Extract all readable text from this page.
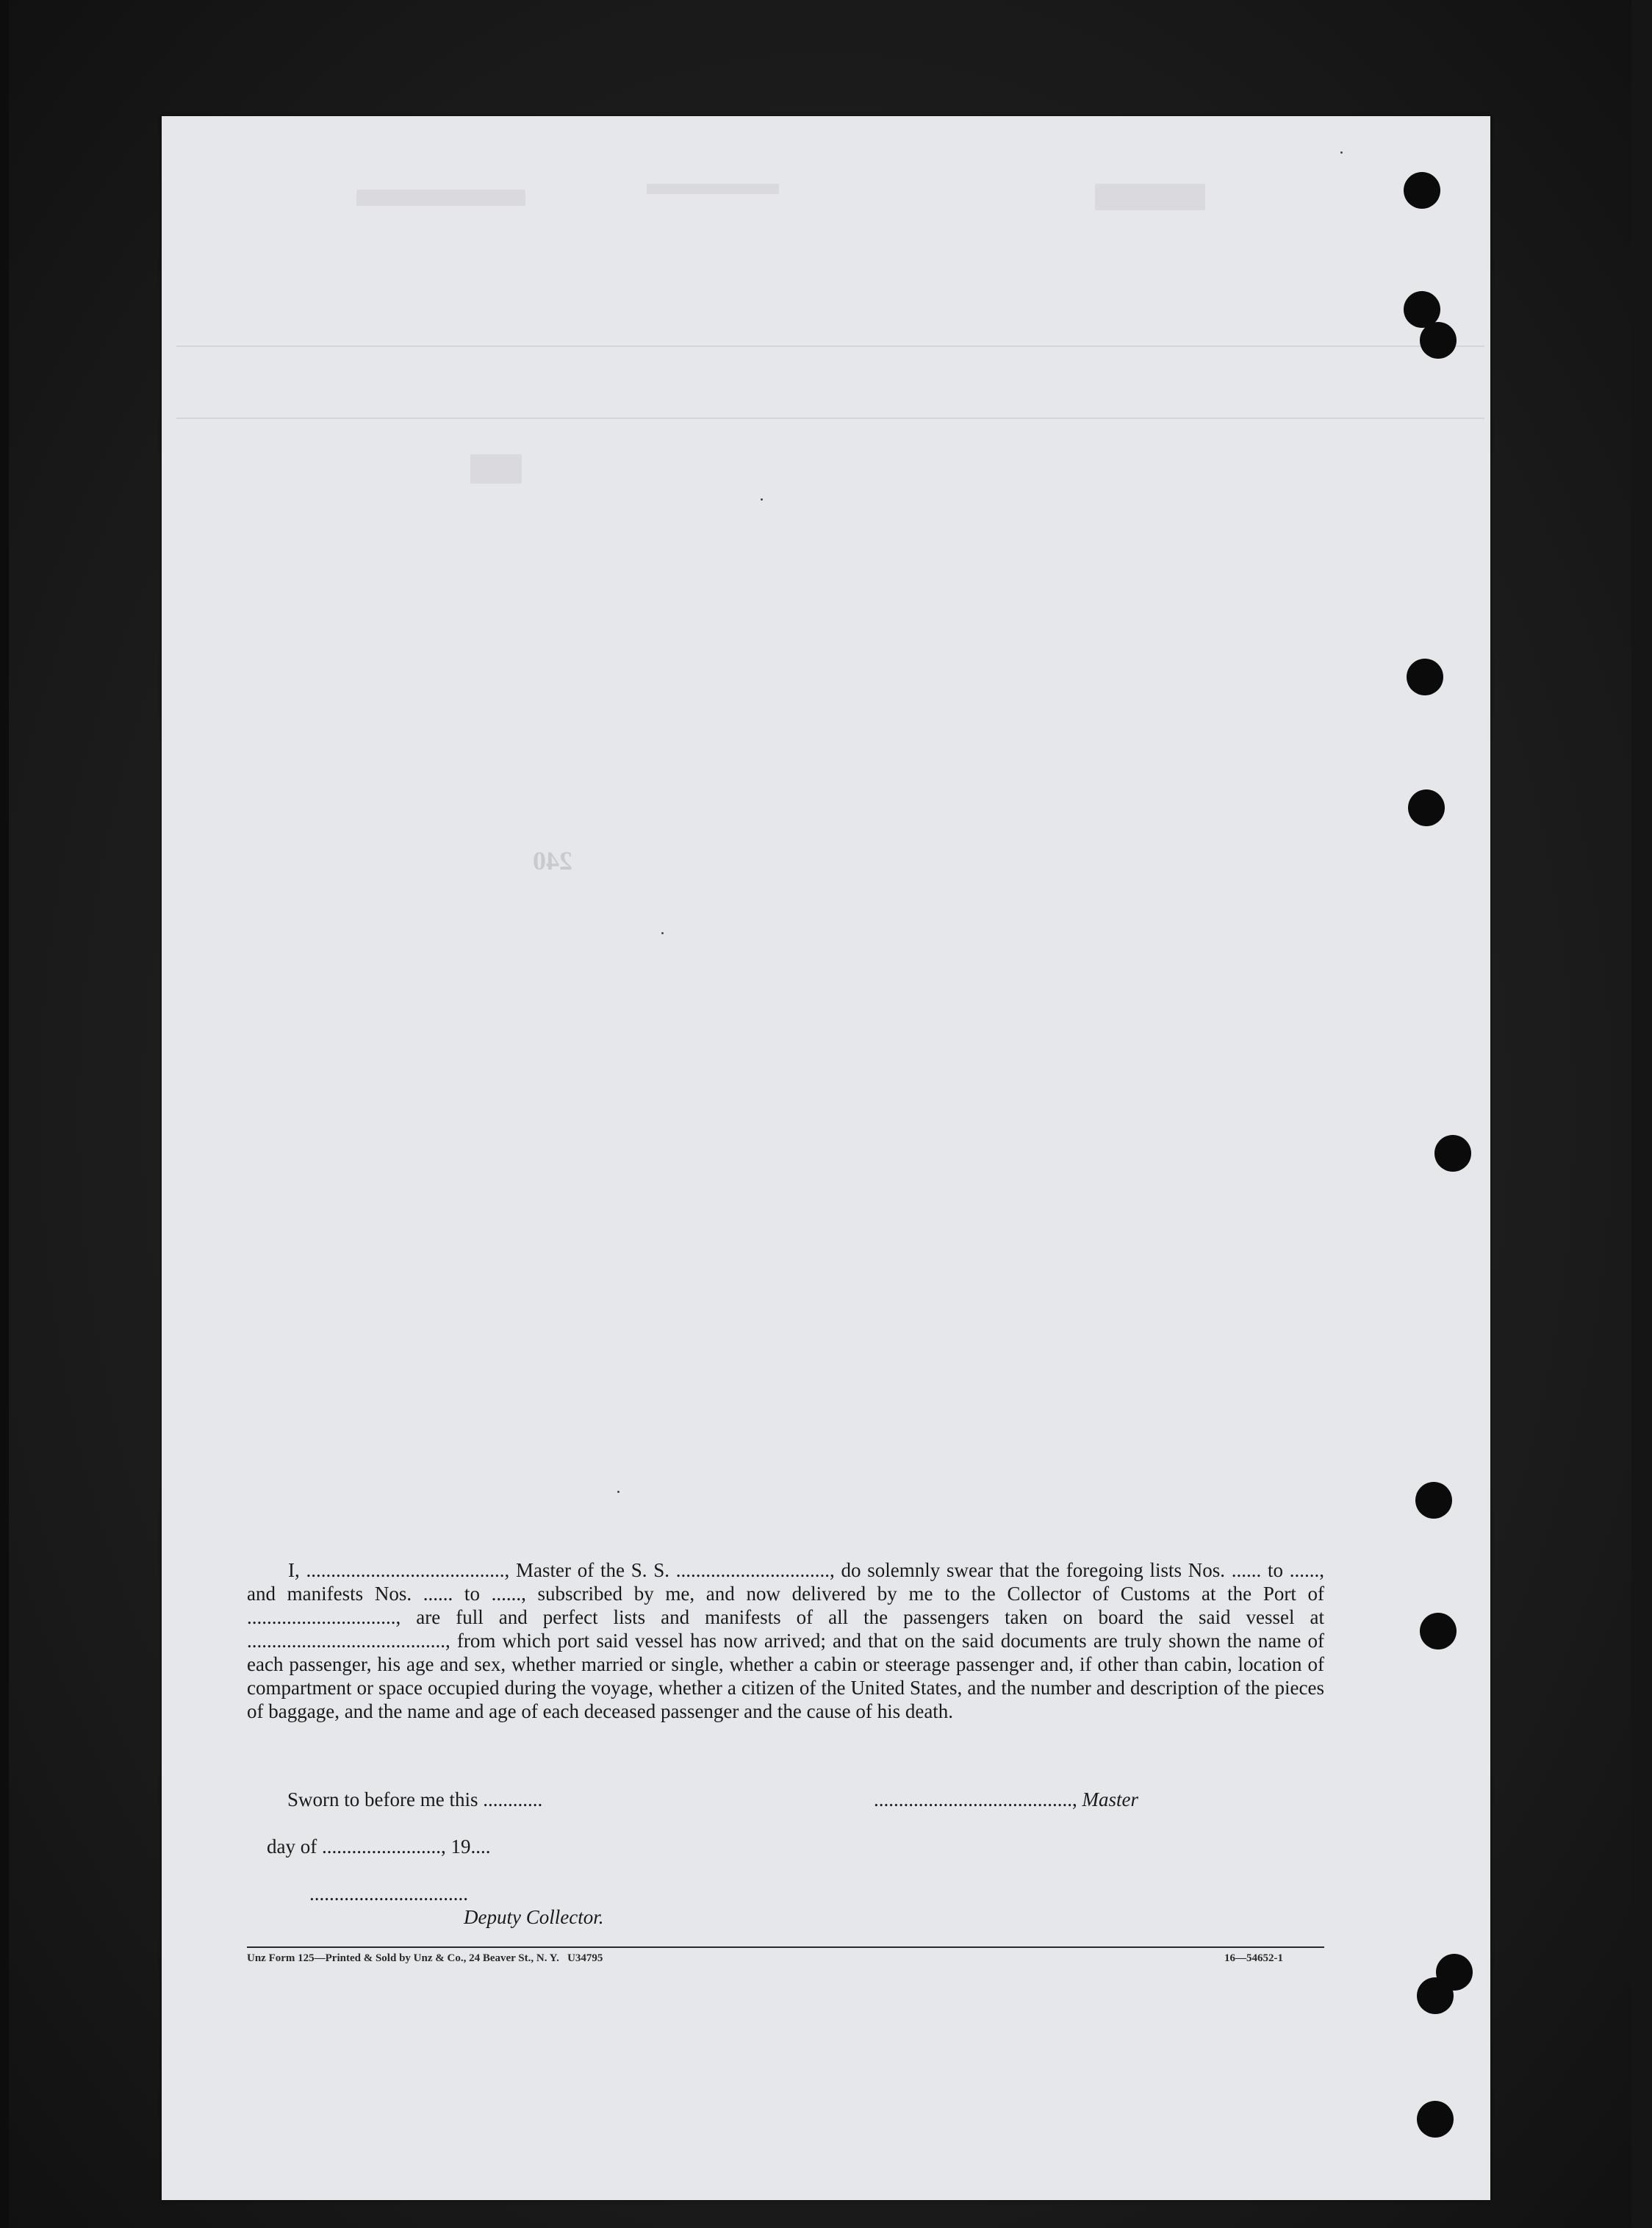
240

I, ........................................, Master of the S. S. ..............................., do solemnly swear that the foregoing lists Nos. ...... to ......, and manifests Nos. ...... to ......, subscribed by me, and now delivered by me to the Collector of Customs at the Port of .............................., are full and perfect lists and manifests of all the passengers taken on board the said vessel at ........................................, from which port said vessel has now arrived; and that on the said documents are truly shown the name of each passenger, his age and sex, whether married or single, whether a cabin or steerage passenger and, if other than cabin, location of compartment or space occupied during the voyage, whether a citizen of the United States, and the number and description of the pieces of baggage, and the name and age of each deceased passenger and the cause of his death.

Sworn to before me this ............
	........................................, Master

day of ........................, 19....

................................

Deputy Collector.

Unz Form 125—Printed & Sold by Unz & Co., 24 Beaver St., N. Y.   U34795	16—54652-1
